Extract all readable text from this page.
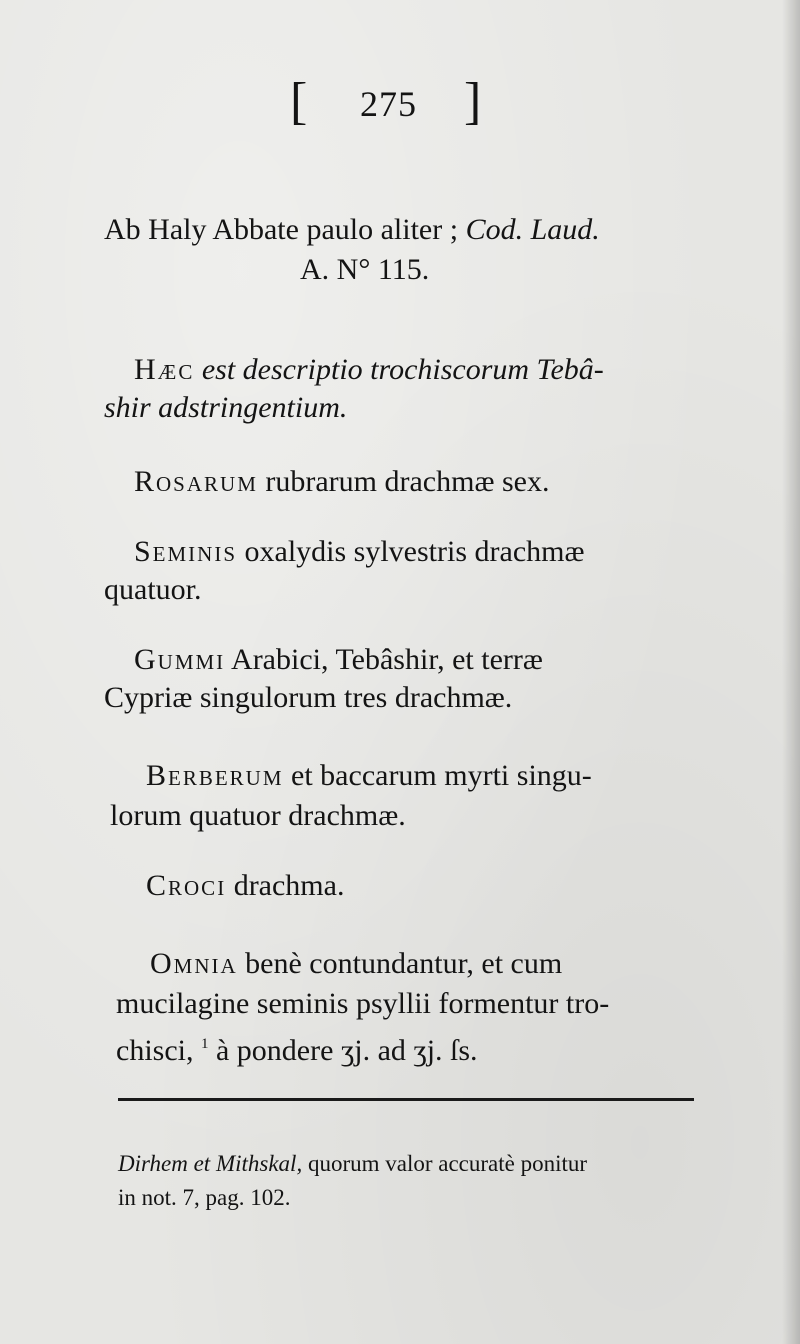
[ 275 ]
Ab Haly Abbate paulo aliter ; Cod. Laud.
A. N° 115.
Hæc est descriptio trochiscorum Tebâ-
shir adstringentium.
Rosarum rubrarum drachmæ sex.
Seminis oxalydis sylvestris drachmæ
quatuor.
Gummi Arabici, Tebâshir, et terræ
Cypriæ singulorum tres drachmæ.
Berberum et baccarum myrti singu-
lorum quatuor drachmæ.
Croci drachma.
Omnia benè contundantur, et cum
mucilagine seminis psyllii formentur tro-
chisci, $^1$ à pondere ʒj. ad ʒj. ſs.
Dirhem et Mithskal, quorum valor accuratè ponitur
in not. 7, pag. 102.
